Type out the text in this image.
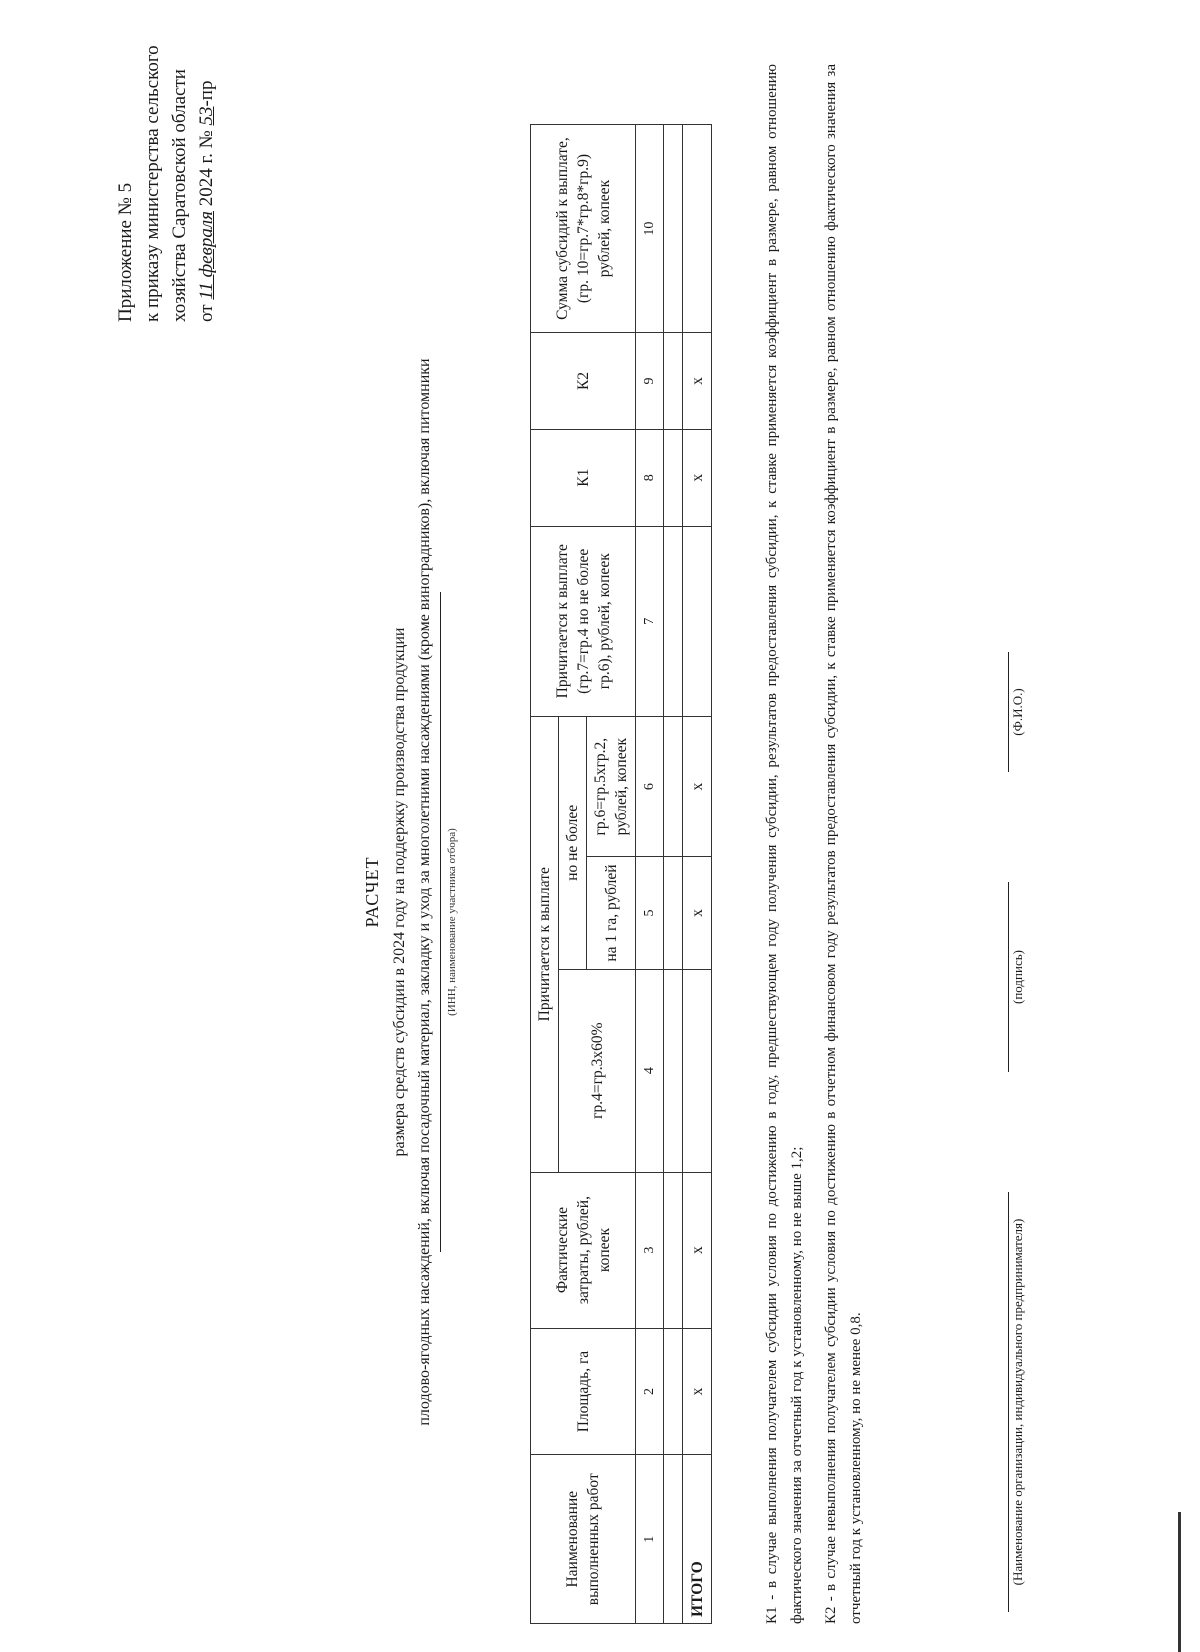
Приложение № 5 к приказу министерства сельского хозяйства Саратовской области от 11 февраля 2024 г. № 53-пр
РАСЧЕТ размера средств субсидии в 2024 году на поддержку производства продукции плодово-ягодных насаждений, включая посадочный материал, закладку и уход за многолетними насаждениями (кроме виноградников), включая питомники	(ИНН, наименование участника отбора)
Наименование выполненных работ	Площадь, га	Фактические затраты, рублей, копеек	Причитается к выплате			Причитается к выплате (гр.7=гр.4 но не более гр.6), рублей, копеек	К1	К2	Сумма субсидий к выплате, (гр. 10=гр.7*гр.8*гр.9) рублей, копеек
			гр.4=гр.3х60%	но не более					
				на 1 га, рублей	гр.6=гр.5хгр.2, рублей, копеек				
1	2	3	4	5	6	7	8	9	10

ИТОГО	х	х		х	х		х	х		К1 - в случае выполнения получателем субсидии условия по достижению в году, предшествующем году получения субсидии, результатов предоставления субсидии, к ставке применяется коэффициент в размере, равном отношению фактического значения за отчетный год к установленному, но не выше 1,2;	К2 - в случае невыполнения получателем субсидии условия по достижению в отчетном финансовом году результатов предоставления субсидии, к ставке применяется коэффициент в размере, равном отношению фактического значения за отчетный год к установленному, но не менее 0,8.	(Наименование организации, индивидуального предпринимателя)
(подпись)
(Ф.И.О.)
